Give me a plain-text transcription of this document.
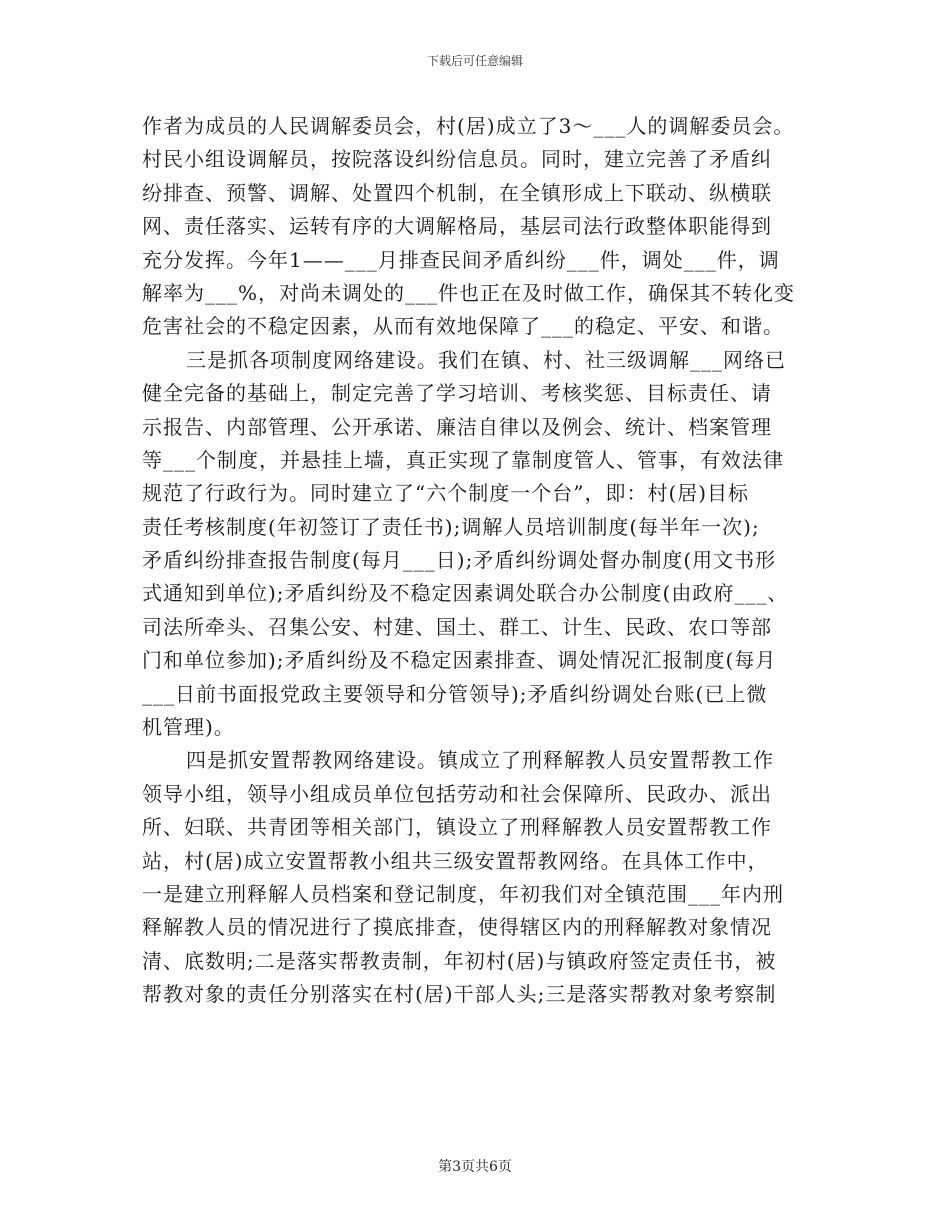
下载后可任意编辑
作者为成员的人民调解委员会，村(居)成立了3～___人的调解委员会。
村民小组设调解员，按院落设纠纷信息员。同时，建立完善了矛盾纠
纷排查、预警、调解、处置四个机制，在全镇形成上下联动、纵横联
网、责任落实、运转有序的大调解格局，基层司法行政整体职能得到
充分发挥。今年1——___月排查民间矛盾纠纷___件，调处___件，调
解率为___%，对尚未调处的___件也正在及时做工作，确保其不转化变
危害社会的不稳定因素，从而有效地保障了___的稳定、平安、和谐。
三是抓各项制度网络建设。我们在镇、村、社三级调解___网络已
健全完备的基础上，制定完善了学习培训、考核奖惩、目标责任、请
示报告、内部管理、公开承诺、廉洁自律以及例会、统计、档案管理
等___个制度，并悬挂上墙，真正实现了靠制度管人、管事，有效法律
规范了行政行为。同时建立了“六个制度一个台”，即：村(居)目标
责任考核制度(年初签订了责任书);调解人员培训制度(每半年一次);
矛盾纠纷排查报告制度(每月___日);矛盾纠纷调处督办制度(用文书形
式通知到单位);矛盾纠纷及不稳定因素调处联合办公制度(由政府___、
司法所牵头、召集公安、村建、国土、群工、计生、民政、农口等部
门和单位参加);矛盾纠纷及不稳定因素排查、调处情况汇报制度(每月
___日前书面报党政主要领导和分管领导);矛盾纠纷调处台账(已上微
机管理)。
四是抓安置帮教网络建设。镇成立了刑释解教人员安置帮教工作
领导小组，领导小组成员单位包括劳动和社会保障所、民政办、派出
所、妇联、共青团等相关部门，镇设立了刑释解教人员安置帮教工作
站，村(居)成立安置帮教小组共三级安置帮教网络。在具体工作中，
一是建立刑释解人员档案和登记制度，年初我们对全镇范围___年内刑
释解教人员的情况进行了摸底排查，使得辖区内的刑释解教对象情况
清、底数明;二是落实帮教责制，年初村(居)与镇政府签定责任书，被
帮教对象的责任分别落实在村(居)干部人头;三是落实帮教对象考察制
第3页共6页
